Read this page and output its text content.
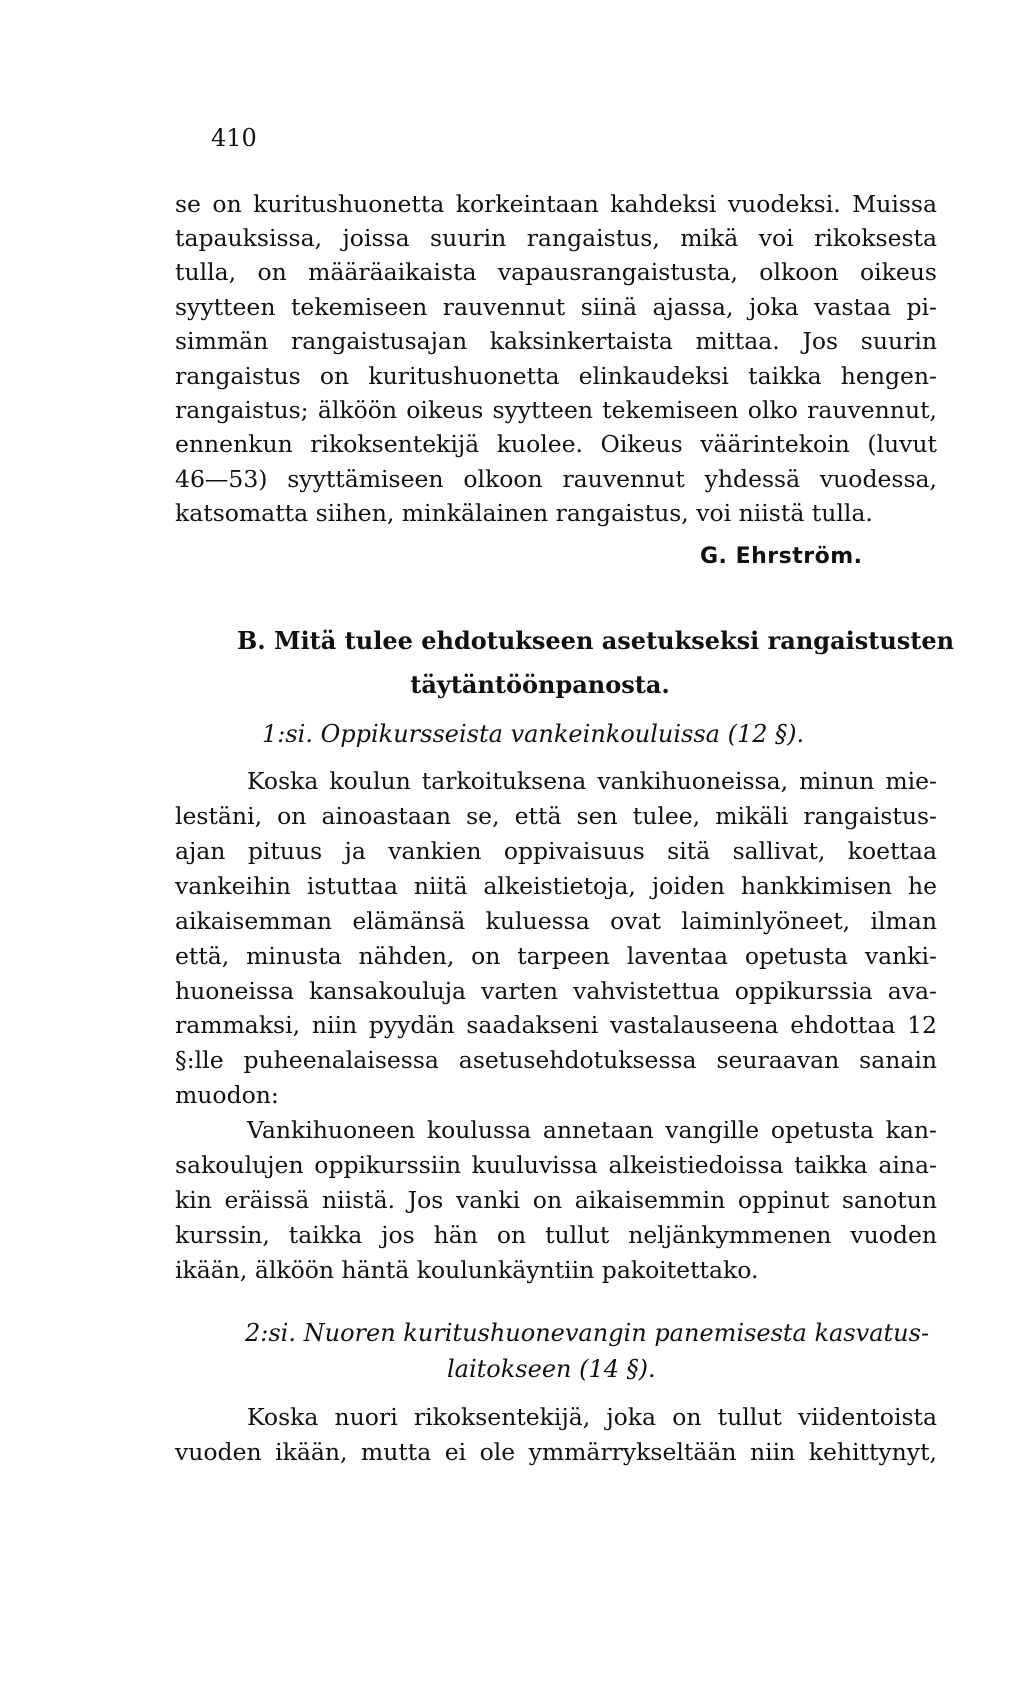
410
se on kuritushuonetta korkeintaan kahdeksi vuodeksi. Muissa
tapauksissa, joissa suurin rangaistus, mikä voi rikoksesta
tulla, on määräaikaista vapausrangaistusta, olkoon oikeus
syytteen tekemiseen rauvennut siinä ajassa, joka vastaa pi-
simmän rangaistusajan kaksinkertaista mittaa. Jos suurin
rangaistus on kuritushuonetta elinkaudeksi taikka hengen-
rangaistus; älköön oikeus syytteen tekemiseen olko rauvennut,
ennenkun rikoksentekijä kuolee. Oikeus väärintekoin (luvut
46—53) syyttämiseen olkoon rauvennut yhdessä vuodessa,
katsomatta siihen, minkälainen rangaistus, voi niistä tulla.
G. Ehrström.
B. Mitä tulee ehdotukseen asetukseksi rangaistusten
täytäntöönpanosta.
1:si. Oppikursseista vankeinkouluissa (12 §).
Koska koulun tarkoituksena vankihuoneissa, minun mie-
lestäni, on ainoastaan se, että sen tulee, mikäli rangaistus-
ajan pituus ja vankien oppivaisuus sitä sallivat, koettaa
vankeihin istuttaa niitä alkeistietoja, joiden hankkimisen he
aikaisemman elämänsä kuluessa ovat laiminlyöneet, ilman
että, minusta nähden, on tarpeen laventaa opetusta vanki-
huoneissa kansakouluja varten vahvistettua oppikurssia ava-
rammaksi, niin pyydän saadakseni vastalauseena ehdottaa 12
§:lle puheenalaisessa asetusehdotuksessa seuraavan sanain
muodon:
Vankihuoneen koulussa annetaan vangille opetusta kan-
sakoulujen oppikurssiin kuuluvissa alkeistiedoissa taikka aina-
kin eräissä niistä. Jos vanki on aikaisemmin oppinut sanotun
kurssin, taikka jos hän on tullut neljänkymmenen vuoden
ikään, älköön häntä koulunkäyntiin pakoitettako.
2:si. Nuoren kuritushuonevangin panemisesta kasvatus-
laitokseen (14 §).
Koska nuori rikoksentekijä, joka on tullut viidentoista
vuoden ikään, mutta ei ole ymmärrykseltään niin kehittynyt,
